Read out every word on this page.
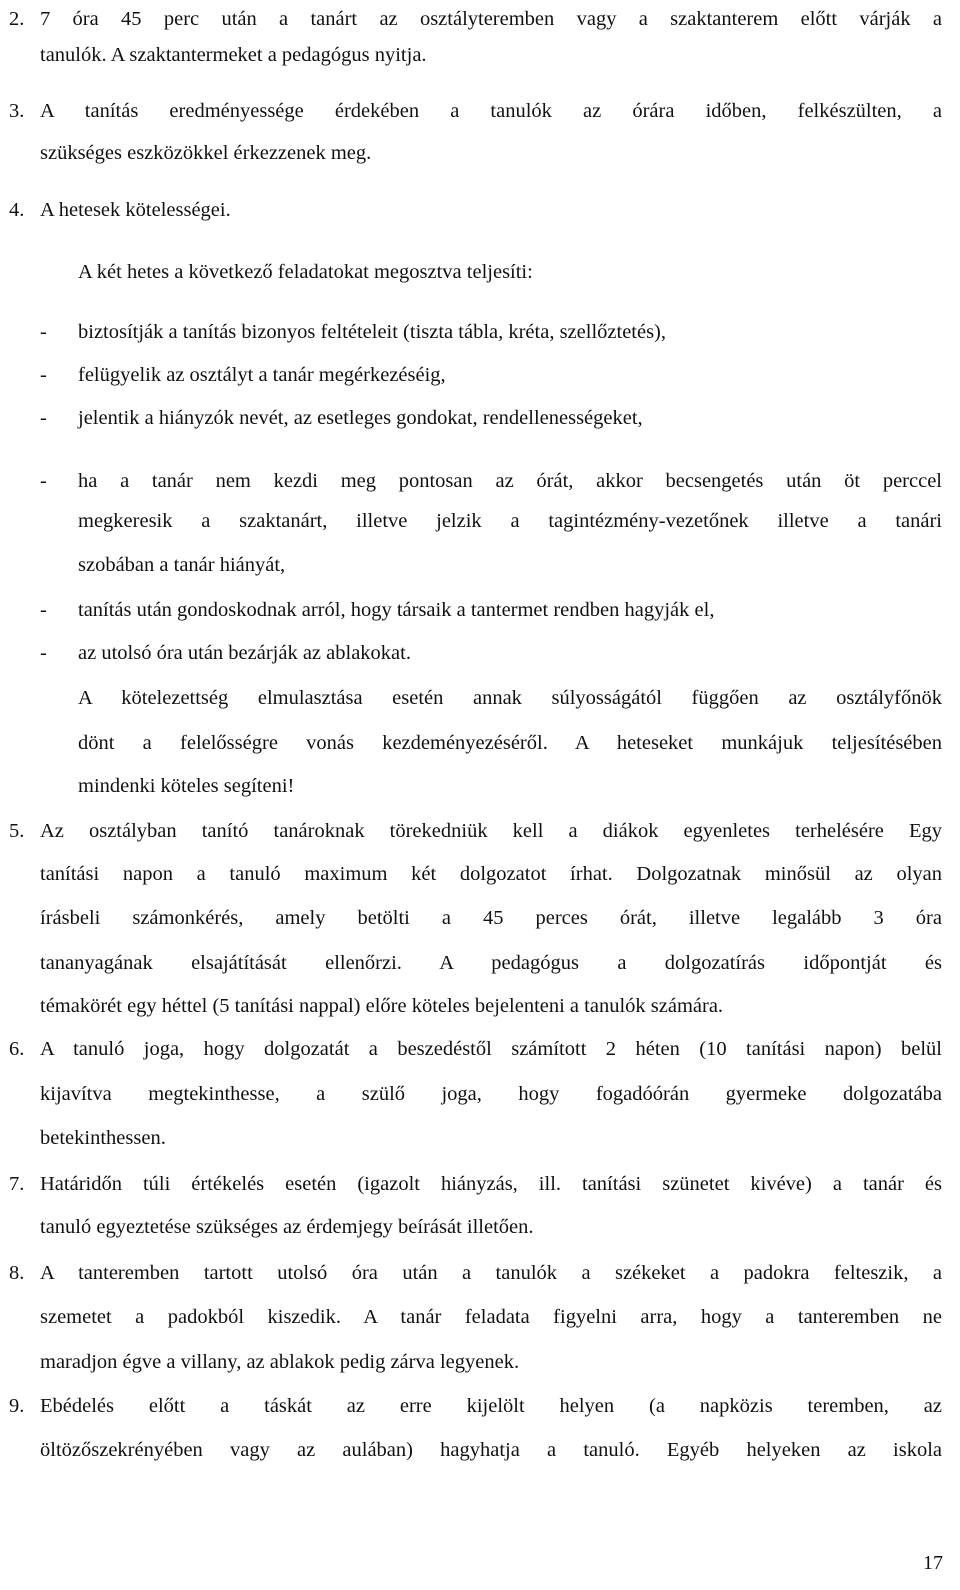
2. 7 óra 45 perc után a tanárt az osztályteremben vagy a szaktanterem előtt várják a
tanulók. A szaktantermeket a pedagógus nyitja.
3. A tanítás eredményessége érdekében a tanulók az órára időben, felkészülten, a
szükséges eszközökkel érkezzenek meg.
4. A hetesek kötelességei.
A két hetes a következő feladatokat megosztva teljesíti:
- biztosítják a tanítás bizonyos feltételeit (tiszta tábla, kréta, szellőztetés),
- felügyelik az osztályt a tanár megérkezéséig,
- jelentik a hiányzók nevét, az esetleges gondokat, rendellenességeket,
- ha a tanár nem kezdi meg pontosan az órát, akkor becsengetés után öt perccel
megkeresik a szaktanárt, illetve jelzik a tagintézmény-vezetőnek illetve a tanári
szobában a tanár hiányát,
- tanítás után gondoskodnak arról, hogy társaik a tantermet rendben hagyják el,
- az utolsó óra után bezárják az ablakokat.
A kötelezettség elmulasztása esetén annak súlyosságától függően az osztályfőnök
dönt a felelősségre vonás kezdeményezéséről. A heteseket munkájuk teljesítésében
mindenki köteles segíteni!
5. Az osztályban tanító tanároknak törekedniük kell a diákok egyenletes terhelésére Egy
tanítási napon a tanuló maximum két dolgozatot írhat. Dolgozatnak minősül az olyan
írásbeli számonkérés, amely betölti a 45 perces órát, illetve legalább 3 óra
tananyagának elsajátítását ellenőrzi. A pedagógus a dolgozatírás időpontját és
témakörét egy héttel (5 tanítási nappal) előre köteles bejelenteni a tanulók számára.
6. A tanuló joga, hogy dolgozatát a beszedéstől számított 2 héten (10 tanítási napon) belül
kijavítva megtekinthesse, a szülő joga, hogy fogadóórán gyermeke dolgozatába
betekinthessen.
7. Határidőn túli értékelés esetén (igazolt hiányzás, ill. tanítási szünetet kivéve) a tanár és
tanuló egyeztetése szükséges az érdemjegy beírását illetően.
8. A tanteremben tartott utolsó óra után a tanulók a székeket a padokra felteszik, a
szemetet a padokból kiszedik. A tanár feladata figyelni arra, hogy a tanteremben ne
maradjon égve a villany, az ablakok pedig zárva legyenek.
9. Ebédelés előtt a táskát az erre kijelölt helyen (a napközis teremben, az
öltözőszekrényében vagy az aulában) hagyhatja a tanuló. Egyéb helyeken az iskola
17
